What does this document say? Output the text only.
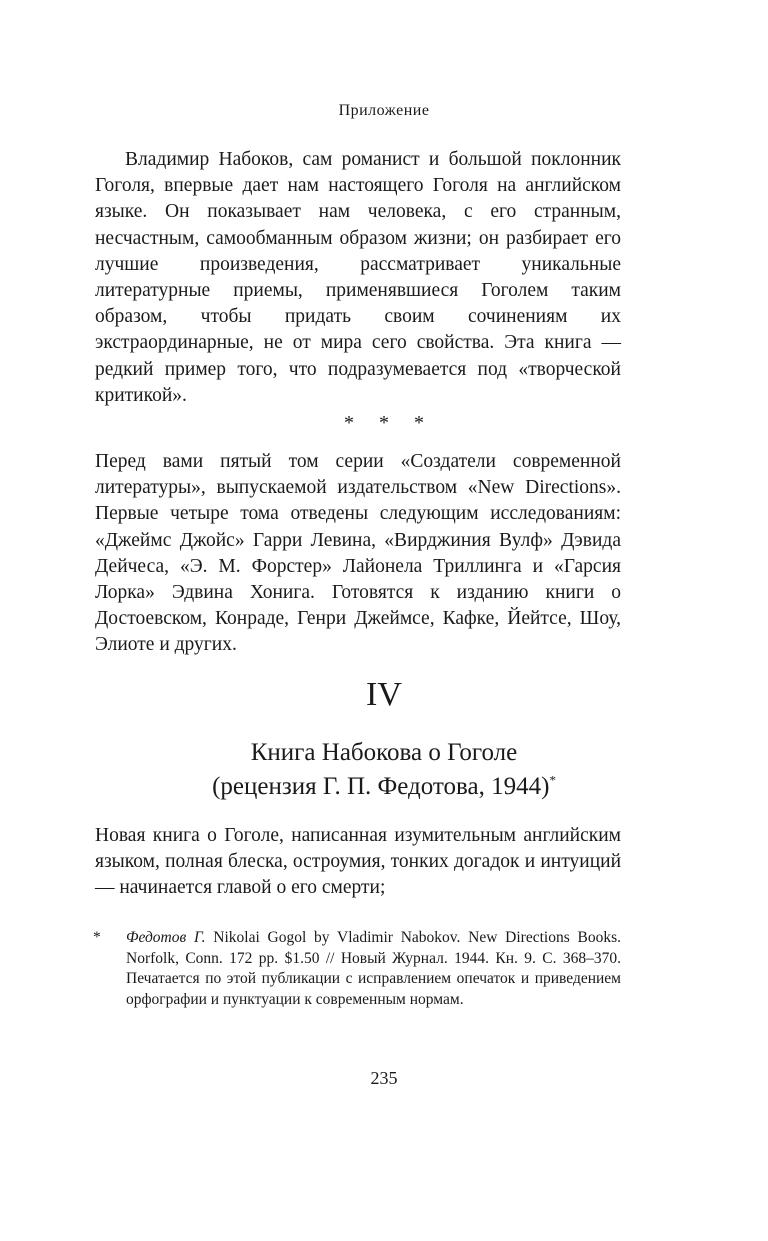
Приложение

Владимир Набоков, сам романист и большой поклонник Гоголя, впервые дает нам настоящего Гоголя на английском языке. Он показывает нам человека, с его странным, несчастным, самообманным образом жизни; он разбирает его лучшие произведения, рассматривает уникальные литературные приемы, применявшиеся Гоголем таким образом, чтобы придать своим сочинениям их экстраординарные, не от мира сего свойства. Эта книга — редкий пример того, что подразумевается под «творческой критикой».

* * *

Перед вами пятый том серии «Создатели современной литературы», выпускаемой издательством «New Directions». Первые четыре тома отведены следующим исследованиям: «Джеймс Джойс» Гарри Левина, «Вирджиния Вулф» Дэвида Дейчеса, «Э. М. Форстер» Лайонела Триллинга и «Гарсия Лорка» Эдвина Хонига. Готовятся к изданию книги о Достоевском, Конраде, Генри Джеймсе, Кафке, Йейтсе, Шоу, Элиоте и других.

IV
Книга Набокова о Гоголе
(рецензия Г. П. Федотова, 1944)*

Новая книга о Гоголе, написанная изумительным английским языком, полная блеска, остроумия, тонких догадок и интуиций — начинается главой о его смерти;

* Федотов Г. Nikolai Gogol by Vladimir Nabokov. New Directions Books. Norfolk, Conn. 172 pp. $1.50 // Новый Журнал. 1944. Кн. 9. С. 368–370. Печатается по этой публикации с исправлением опечаток и приведением орфографии и пунктуации к современным нормам.
235
